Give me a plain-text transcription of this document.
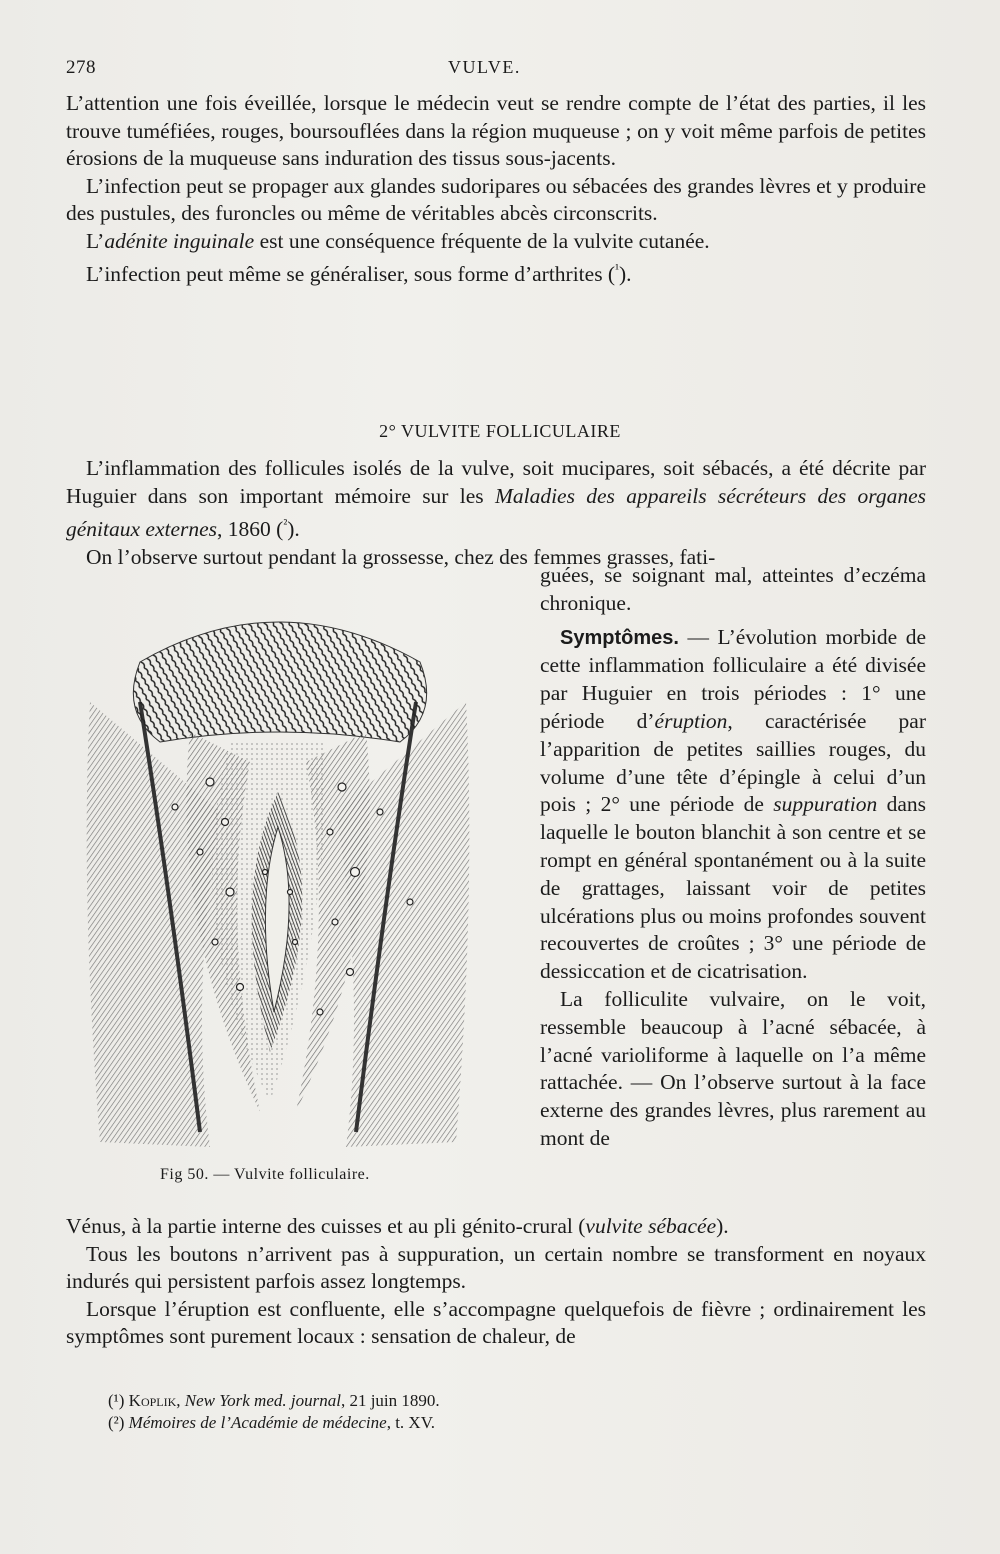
278	VULVE.

L’attention une fois éveillée, lorsque le médecin veut se rendre compte de l’état des parties, il les trouve tuméfiées, rouges, boursouflées dans la région muqueuse ; on y voit même parfois de petites érosions de la muqueuse sans induration des tissus sous-jacents.

L’infection peut se propager aux glandes sudoripares ou sébacées des grandes lèvres et y produire des pustules, des furoncles ou même de véritables abcès circonscrits.

L’adénite inguinale est une conséquence fréquente de la vulvite cutanée.

L’infection peut même se généraliser, sous forme d’arthrites ($^{^1}$).

2° VULVITE FOLLICULAIRE

L’inflammation des follicules isolés de la vulve, soit mucipares, soit sébacés, a été décrite par Huguier dans son important mémoire sur les Maladies des appareils sécréteurs des organes génitaux externes, 1860 ($^{^2}$).

On l’observe surtout pendant la grossesse, chez des femmes grasses, fati-

Fig 50. — Vulvite folliculaire.

guées, se soignant mal, atteintes d’eczéma chronique.

Symptômes. — L’évolution morbide de cette inflammation folliculaire a été divisée par Huguier en trois périodes : 1° une période d’éruption, caractérisée par l’apparition de petites saillies rouges, du volume d’une tête d’épingle à celui d’un pois ; 2° une période de suppuration dans laquelle le bouton blanchit à son centre et se rompt en général spontanément ou à la suite de grattages, laissant voir de petites ulcérations plus ou moins profondes souvent recouvertes de croûtes ; 3° une période de dessiccation et de cicatrisation.

La folliculite vulvaire, on le voit, ressemble beaucoup à l’acné sébacée, à l’acné varioliforme à laquelle on l’a même rattachée. — On l’observe surtout à la face externe des grandes lèvres, plus rarement au mont de

Vénus, à la partie interne des cuisses et au pli génito-crural (vulvite sébacée).

Tous les boutons n’arrivent pas à suppuration, un certain nombre se transforment en noyaux indurés qui persistent parfois assez longtemps.

Lorsque l’éruption est confluente, elle s’accompagne quelquefois de fièvre ; ordinairement les symptômes sont purement locaux : sensation de chaleur, de

(¹) Koplik, New York med. journal, 21 juin 1890.
(²) Mémoires de l’Académie de médecine, t. XV.
